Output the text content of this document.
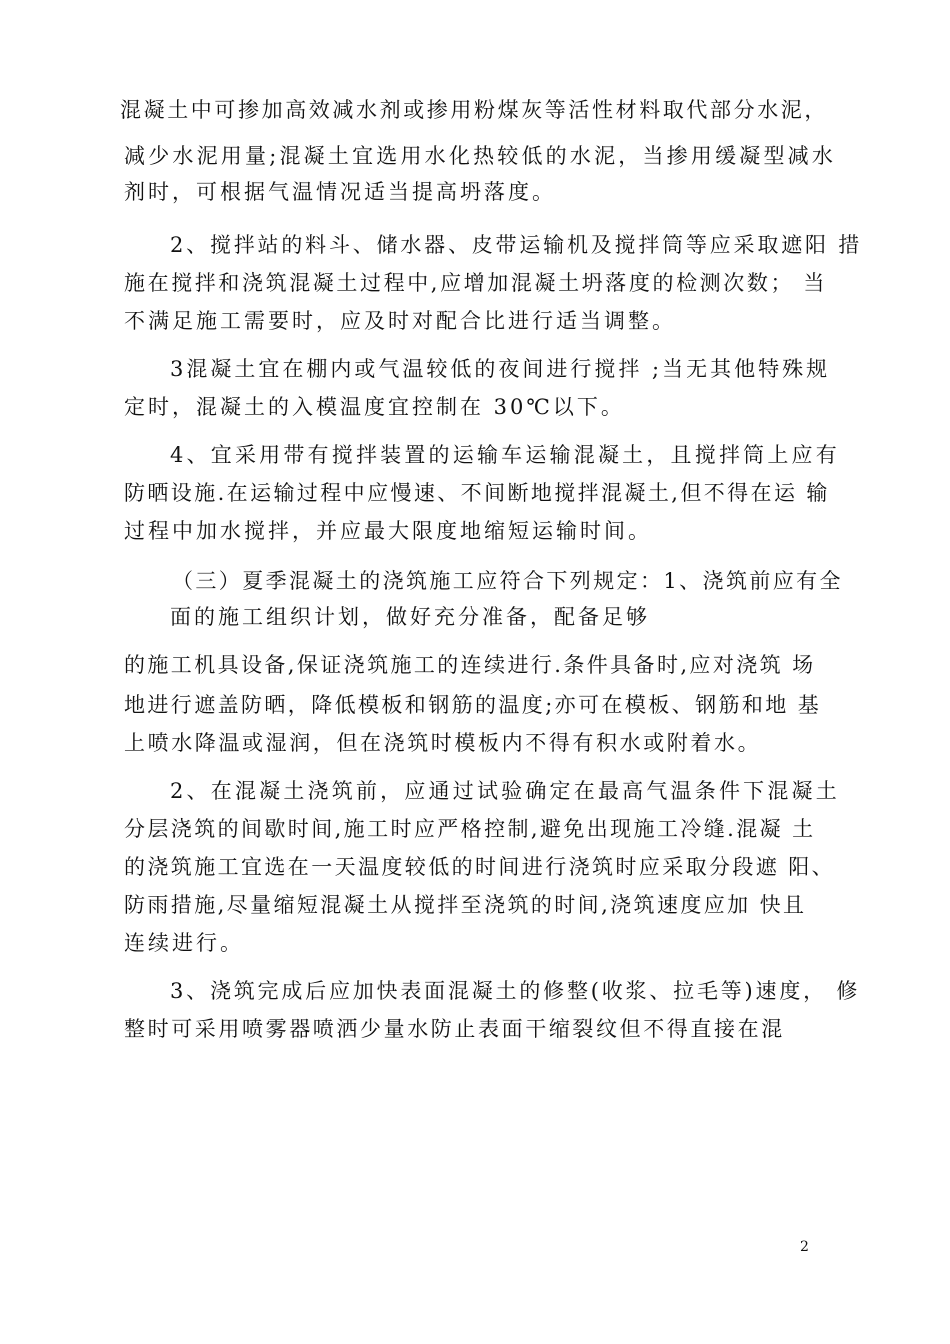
混凝土中可掺加高效减水剂或掺用粉煤灰等活性材料取代部分水泥，
减少水泥用量;混凝土宜选用水化热较低的水泥，当掺用缓凝型减水
剂时，可根据气温情况适当提高坍落度。
2、搅拌站的料斗、储水器、皮带运输机及搅拌筒等应采取遮阳 措
施在搅拌和浇筑混凝土过程中,应增加混凝土坍落度的检测次数； 当
不满足施工需要时，应及时对配合比进行适当调整。
3混凝土宜在棚内或气温较低的夜间进行搅拌 ;当无其他特殊规
定时，混凝土的入模温度宜控制在 30℃以下。
4、宜采用带有搅拌装置的运输车运输混凝土，且搅拌筒上应有
防晒设施.在运输过程中应慢速、不间断地搅拌混凝土,但不得在运 输
过程中加水搅拌，并应最大限度地缩短运输时间。
（三）夏季混凝土的浇筑施工应符合下列规定：1、浇筑前应有全
面的施工组织计划，做好充分准备，配备足够
的施工机具设备,保证浇筑施工的连续进行.条件具备时,应对浇筑 场
地进行遮盖防晒，降低模板和钢筋的温度;亦可在模板、钢筋和地 基
上喷水降温或湿润，但在浇筑时模板内不得有积水或附着水。
2、在混凝土浇筑前，应通过试验确定在最高气温条件下混凝土
分层浇筑的间歇时间,施工时应严格控制,避免出现施工冷缝.混凝 土
的浇筑施工宜选在一天温度较低的时间进行浇筑时应采取分段遮 阳、
防雨措施,尽量缩短混凝土从搅拌至浇筑的时间,浇筑速度应加 快且
连续进行。
3、浇筑完成后应加快表面混凝土的修整(收浆、拉毛等)速度， 修
整时可采用喷雾器喷洒少量水防止表面干缩裂纹但不得直接在混
2
